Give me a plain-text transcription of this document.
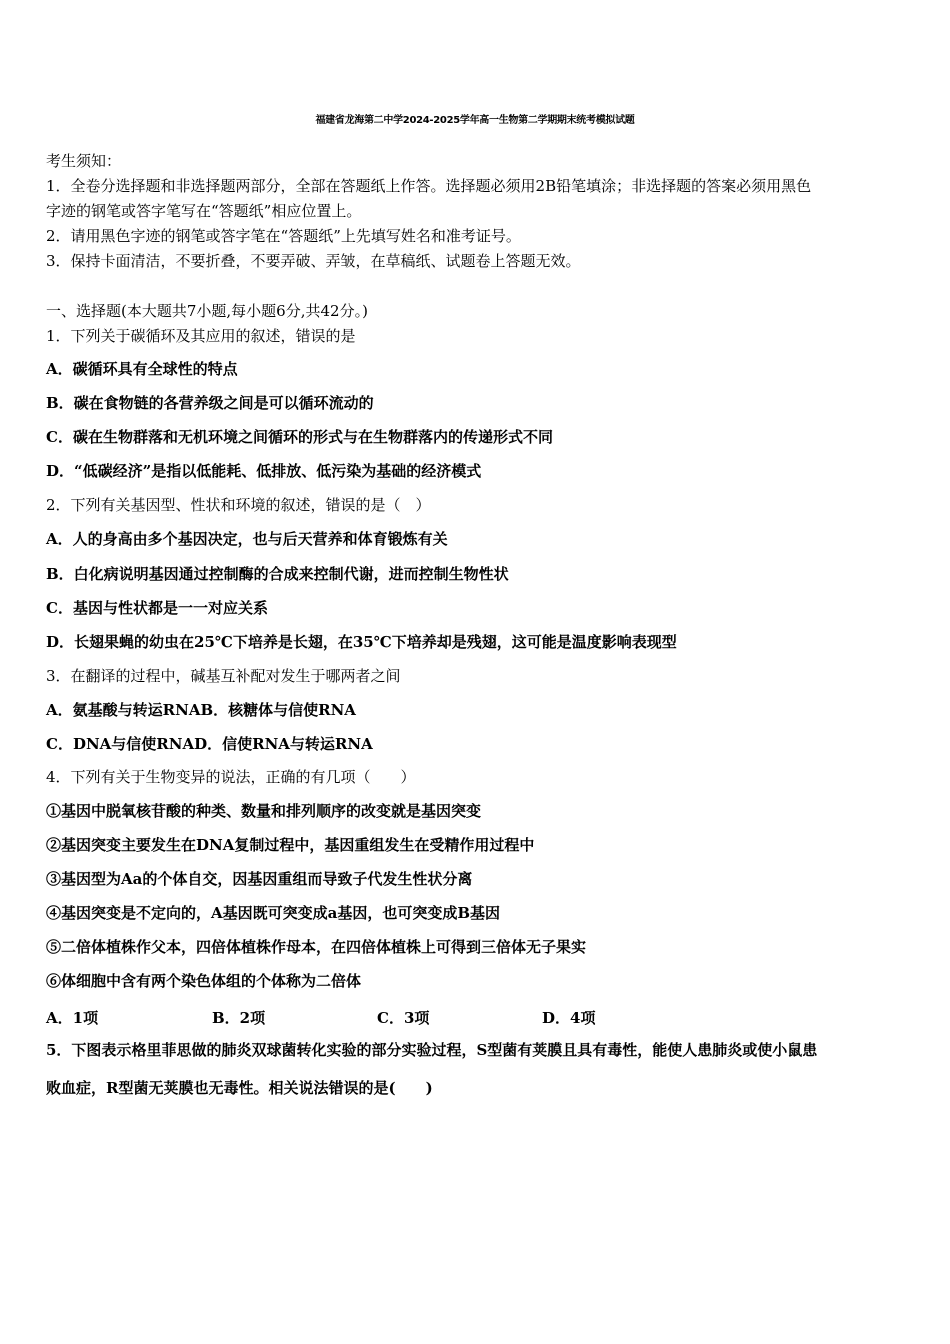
福建省龙海第二中学2024-2025学年高一生物第二学期期末统考模拟试题
考生须知：
1．全卷分选择题和非选择题两部分，全部在答题纸上作答。选择题必须用2B铅笔填涂；非选择题的答案必须用黑色
字迹的钢笔或答字笔写在“答题纸”相应位置上。
2．请用黑色字迹的钢笔或答字笔在“答题纸”上先填写姓名和准考证号。
3．保持卡面清洁，不要折叠，不要弄破、弄皱，在草稿纸、试题卷上答题无效。
一、选择题(本大题共7小题,每小题6分,共42分。)
1．下列关于碳循环及其应用的叙述，错误的是
A．碳循环具有全球性的特点
B．碳在食物链的各营养级之间是可以循环流动的
C．碳在生物群落和无机环境之间循环的形式与在生物群落内的传递形式不同
D．“低碳经济”是指以低能耗、低排放、低污染为基础的经济模式
2．下列有关基因型、性状和环境的叙述，错误的是（　）
A．人的身高由多个基因决定，也与后天营养和体育锻炼有关
B．白化病说明基因通过控制酶的合成来控制代谢，进而控制生物性状
C．基因与性状都是一一对应关系
D．长翅果蝇的幼虫在25℃下培养是长翅，在35℃下培养却是残翅，这可能是温度影响表现型
3．在翻译的过程中，碱基互补配对发生于哪两者之间
A．氨基酸与转运RNAB．核糖体与信使RNA
C．DNA与信使RNAD．信使RNA与转运RNA
4．下列有关于生物变异的说法，正确的有几项（　　）
①基因中脱氧核苷酸的种类、数量和排列顺序的改变就是基因突变
②基因突变主要发生在DNA复制过程中，基因重组发生在受精作用过程中
③基因型为Aa的个体自交，因基因重组而导致子代发生性状分离
④基因突变是不定向的，A基因既可突变成a基因，也可突变成B基因
⑤二倍体植株作父本，四倍体植株作母本，在四倍体植株上可得到三倍体无子果实
⑥体细胞中含有两个染色体组的个体称为二倍体
A．1项	B．2项	C．3项	D．4项
5．下图表示格里菲思做的肺炎双球菌转化实验的部分实验过程，S型菌有荚膜且具有毒性，能使人患肺炎或使小鼠患
败血症，R型菌无荚膜也无毒性。相关说法错误的是(　　)
